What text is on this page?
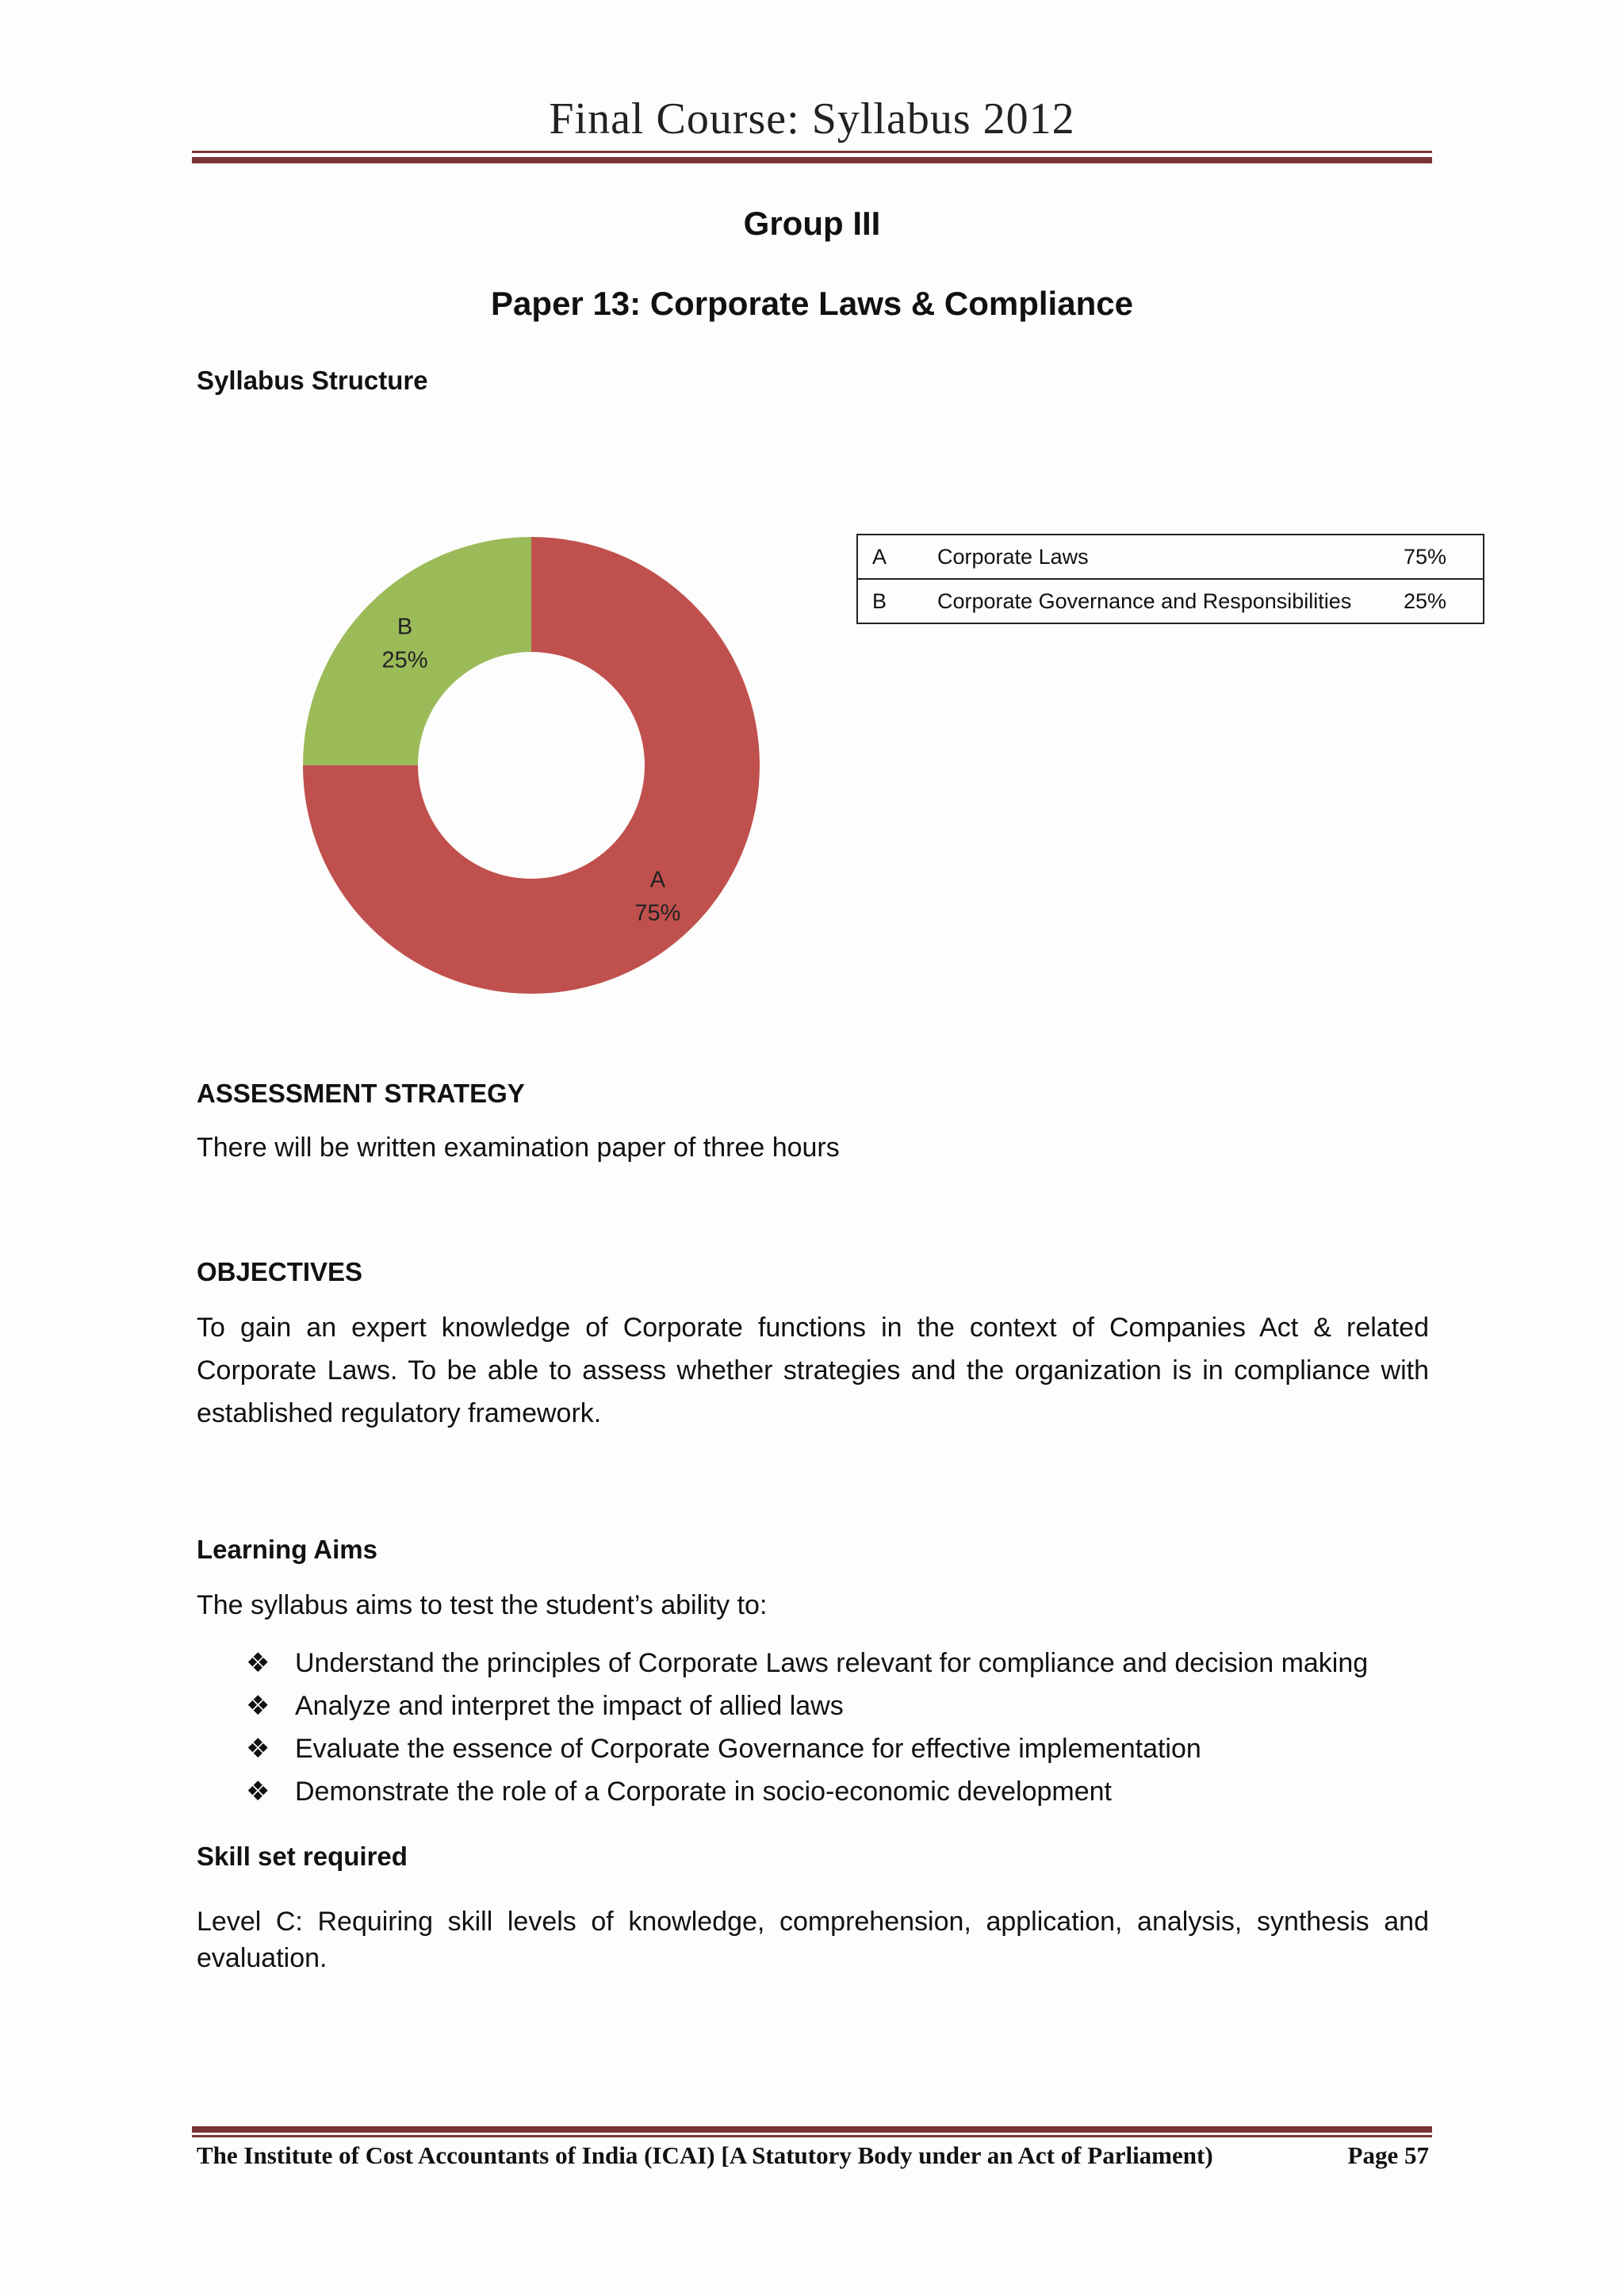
Final Course: Syllabus 2012
Group III
Paper 13: Corporate Laws & Compliance
Syllabus Structure
A
75%
B
25%
A	Corporate Laws	75%
B	Corporate Governance and Responsibilities	25%
ASSESSMENT STRATEGY
There will be written examination paper of three hours
OBJECTIVES
To gain an expert knowledge of Corporate functions in the context of Companies Act & related
Corporate Laws. To be able to assess whether strategies and the organization is in compliance with
established regulatory framework.
Learning Aims
The syllabus aims to test the student’s ability to:
❖ Understand the principles of Corporate Laws relevant for compliance and decision making
❖ Analyze and interpret the impact of allied laws
❖ Evaluate the essence of Corporate Governance for effective implementation
❖ Demonstrate the role of a Corporate in socio-economic development
Skill set required
Level C: Requiring skill levels of knowledge, comprehension, application, analysis, synthesis and
evaluation.
The Institute of Cost Accountants of India (ICAI) [A Statutory Body under an Act of Parliament)	Page 57
